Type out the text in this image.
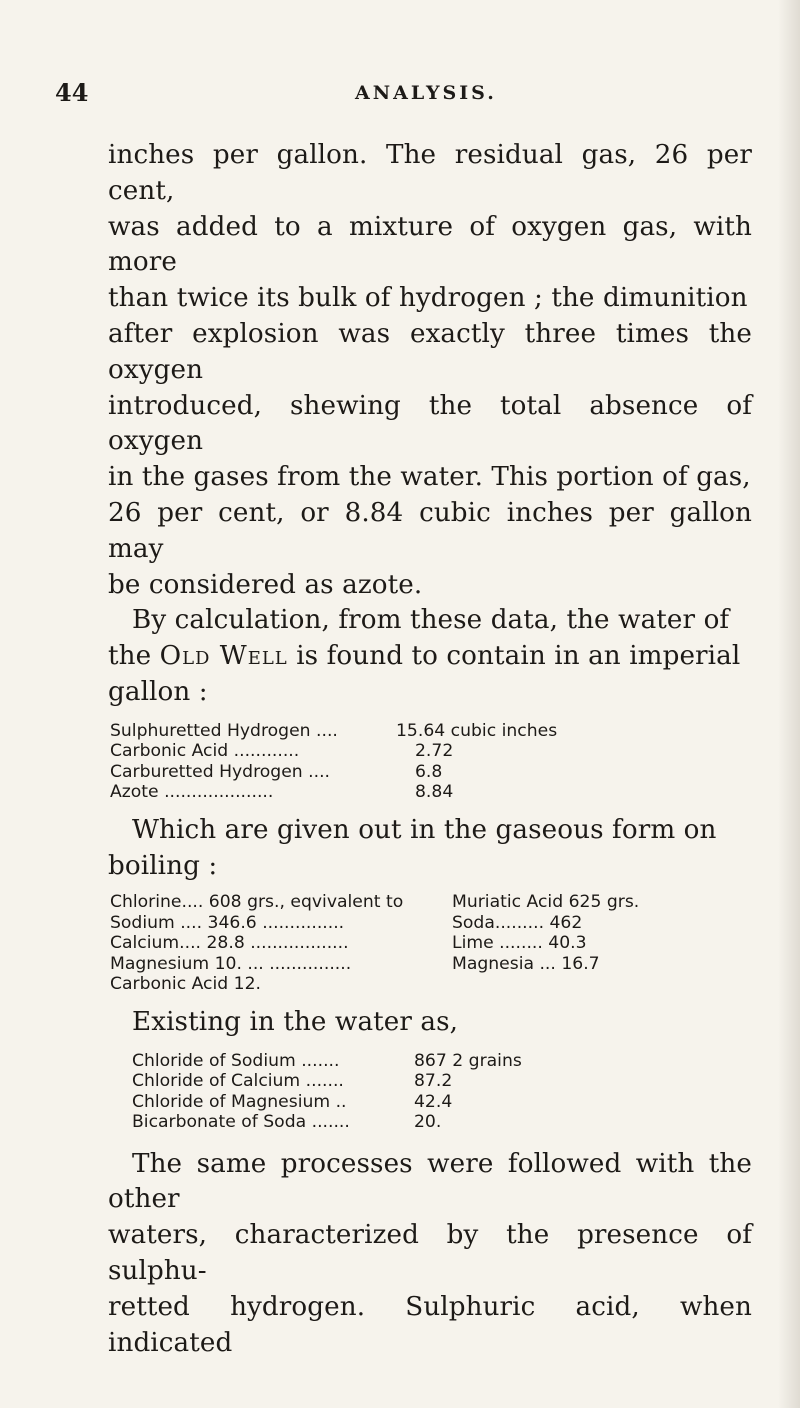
44	ANALYSIS.

inches per gallon. The residual gas, 26 per cent,
was added to a mixture of oxygen gas, with more
than twice its bulk of hydrogen ; the dimunition
after explosion was exactly three times the oxygen
introduced, shewing the total absence of oxygen
in the gases from the water. This portion of gas,
26 per cent, or 8.84 cubic inches per gallon may
be considered as azote.

By calculation, from these data, the water of
the Old Well is found to contain in an imperial
gallon :

Sulphuretted Hydrogen ....	15.64 cubic inches
Carbonic Acid ............	2.72
Carburetted Hydrogen ....	6.8
Azote ....................	8.84

Which are given out in the gaseous form on
boiling :

Chlorine.... 608 grs., eqvivalent to	Muriatic Acid 625 grs.
Sodium .... 346.6 ...............	Soda......... 462
Calcium.... 28.8 ..................	Lime ........ 40.3
Magnesium 10. ... ...............	Magnesia ... 16.7
Carbonic Acid 12.

Existing in the water as,

Chloride of Sodium .......	867 2 grains
Chloride of Calcium .......	87.2
Chloride of Magnesium ..	42.4
Bicarbonate of Soda .......	20.

The same processes were followed with the other
waters, characterized by the presence of sulphu-
retted hydrogen. Sulphuric acid, when indicated
